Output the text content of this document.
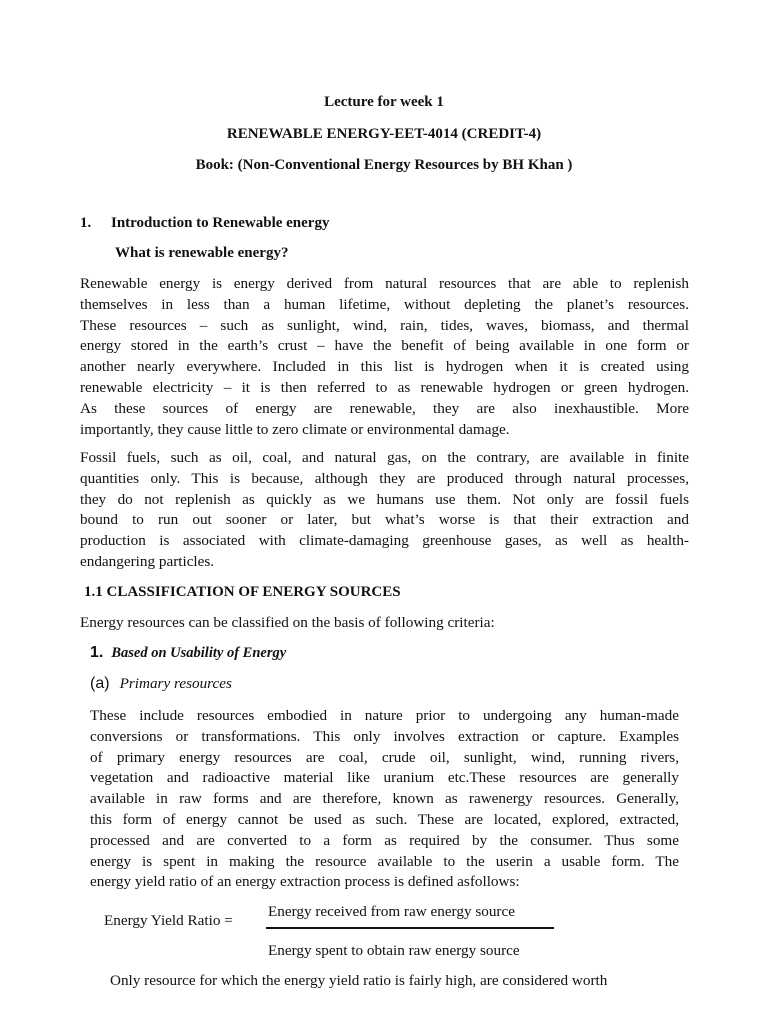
Lecture for week 1
RENEWABLE ENERGY-EET-4014 (CREDIT-4)
Book: (Non-Conventional Energy Resources by BH Khan )
1. Introduction to Renewable energy
What is renewable energy?

Renewable energy is energy derived from natural resources that are able to replenish
themselves in less than a human lifetime, without depleting the planet’s resources.
These resources – such as sunlight, wind, rain, tides, waves, biomass, and thermal
energy stored in the earth’s crust – have the benefit of being available in one form or
another nearly everywhere. Included in this list is hydrogen when it is created using
renewable electricity – it is then referred to as renewable hydrogen or green hydrogen.
As these sources of energy are renewable, they are also inexhaustible. More
importantly, they cause little to zero climate or environmental damage.

Fossil fuels, such as oil, coal, and natural gas, on the contrary, are available in finite
quantities only. This is because, although they are produced through natural processes,
they do not replenish as quickly as we humans use them. Not only are fossil fuels
bound to run out sooner or later, but what’s worse is that their extraction and
production is associated with climate-damaging greenhouse gases, as well as health-
endangering particles.

1.1 CLASSIFICATION OF ENERGY SOURCES
Energy resources can be classified on the basis of following criteria:
1. Based on Usability of Energy
(a) Primary resources

These include resources embodied in nature prior to undergoing any human-made
conversions or transformations. This only involves extraction or capture. Examples
of primary energy resources are coal, crude oil, sunlight, wind, running rivers,
vegetation and radioactive material like uranium etc.These resources are generally
available in raw forms and are therefore, known as rawenergy resources. Generally,
this form of energy cannot be used as such. These are located, explored, extracted,
processed and are converted to a form as required by the consumer. Thus some
energy is spent in making the resource available to the userin a usable form. The
energy yield ratio of an energy extraction process is defined asfollows:

Energy Yield Ratio =
Energy received from raw energy source
Energy spent to obtain raw energy source
Only resource for which the energy yield ratio is fairly high, are considered worth
